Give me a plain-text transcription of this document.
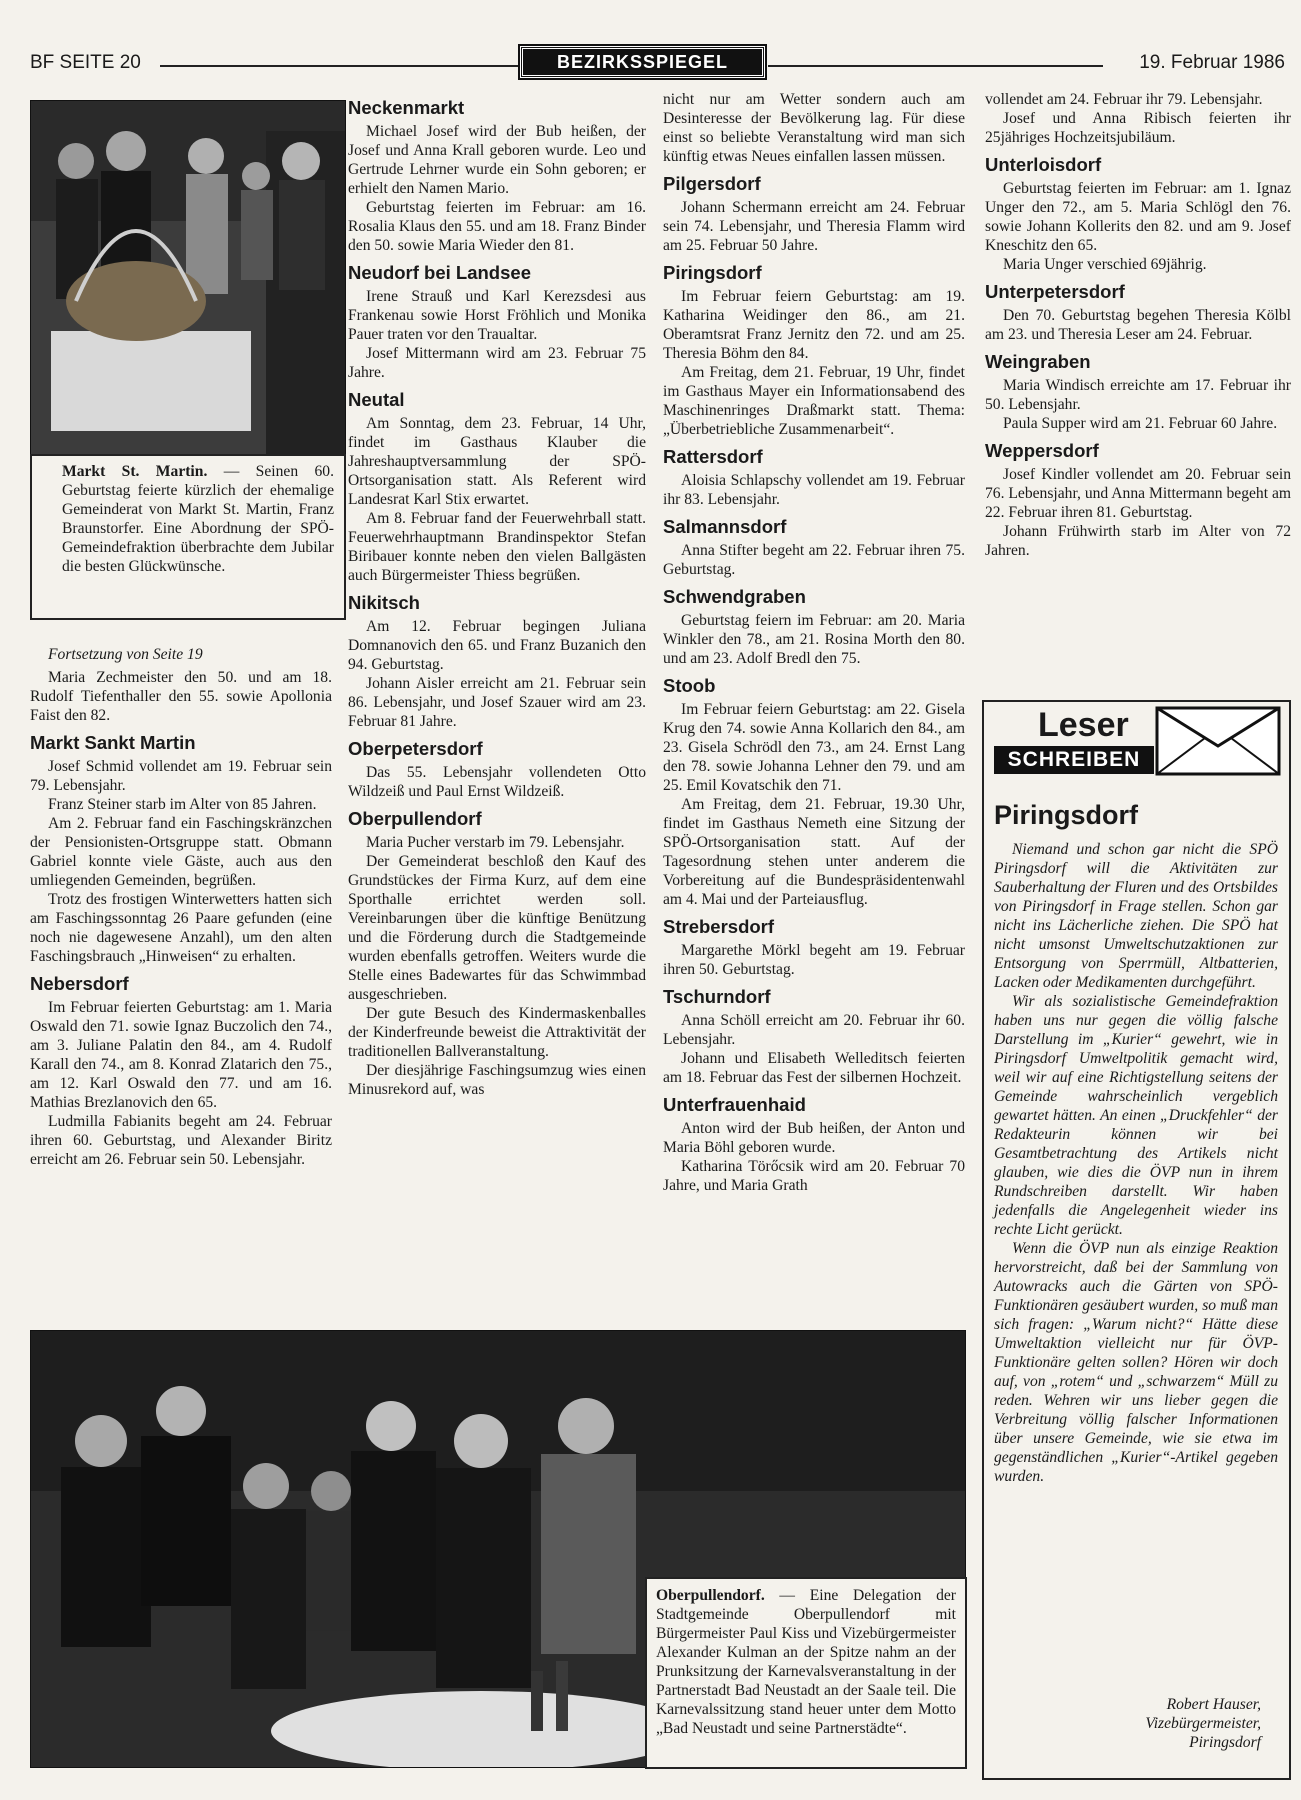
BF SEITE 20	BEZIRKSSPIEGEL	19. Februar 1986
Markt St. Martin. — Seinen 60. Geburtstag feierte kürzlich der ehemalige Gemeinderat von Markt St. Martin, Franz Braunstorfer. Eine Abordnung der SPÖ-Gemeindefraktion überbrachte dem Jubilar die besten Glückwünsche.

Fortsetzung von Seite 19

Maria Zechmeister den 50. und am 18. Rudolf Tiefenthaller den 55. sowie Apollonia Faist den 82.

Markt Sankt Martin

Josef Schmid vollendet am 19. Februar sein 79. Lebensjahr.

Franz Steiner starb im Alter von 85 Jahren.

Am 2. Februar fand ein Faschingskränzchen der Pensionisten-Ortsgruppe statt. Obmann Gabriel konnte viele Gäste, auch aus den umliegenden Gemeinden, begrüßen.

Trotz des frostigen Winterwetters hatten sich am Faschingssonntag 26 Paare gefunden (eine noch nie dagewesene Anzahl), um den alten Faschingsbrauch „Hinweisen“ zu erhalten.

Nebersdorf

Im Februar feierten Geburtstag: am 1. Maria Oswald den 71. sowie Ignaz Buczolich den 74., am 3. Juliane Palatin den 84., am 4. Rudolf Karall den 74., am 8. Konrad Zlatarich den 75., am 12. Karl Oswald den 77. und am 16. Mathias Brezlanovich den 65.

Ludmilla Fabianits begeht am 24. Februar ihren 60. Geburtstag, und Alexander Biritz erreicht am 26. Februar sein 50. Lebensjahr.

Neckenmarkt

Michael Josef wird der Bub heißen, der Josef und Anna Krall geboren wurde. Leo und Gertrude Lehrner wurde ein Sohn geboren; er erhielt den Namen Mario.

Geburtstag feierten im Februar: am 16. Rosalia Klaus den 55. und am 18. Franz Binder den 50. sowie Maria Wieder den 81.

Neudorf bei Landsee

Irene Strauß und Karl Kerezsdesi aus Frankenau sowie Horst Fröhlich und Monika Pauer traten vor den Traualtar.

Josef Mittermann wird am 23. Februar 75 Jahre.

Neutal

Am Sonntag, dem 23. Februar, 14 Uhr, findet im Gasthaus Klauber die Jahreshauptversammlung der SPÖ-Ortsorganisation statt. Als Referent wird Landesrat Karl Stix erwartet.

Am 8. Februar fand der Feuerwehrball statt. Feuerwehrhauptmann Brandinspektor Stefan Biribauer konnte neben den vielen Ballgästen auch Bürgermeister Thiess begrüßen.

Nikitsch

Am 12. Februar begingen Juliana Domnanovich den 65. und Franz Buzanich den 94. Geburtstag.

Johann Aisler erreicht am 21. Februar sein 86. Lebensjahr, und Josef Szauer wird am 23. Februar 81 Jahre.

Oberpetersdorf

Das 55. Lebensjahr vollendeten Otto Wildzeiß und Paul Ernst Wildzeiß.

Oberpullendorf

Maria Pucher verstarb im 79. Lebensjahr.

Der Gemeinderat beschloß den Kauf des Grundstückes der Firma Kurz, auf dem eine Sporthalle errichtet werden soll. Vereinbarungen über die künftige Benützung und die Förderung durch die Stadtgemeinde wurden ebenfalls getroffen. Weiters wurde die Stelle eines Badewartes für das Schwimmbad ausgeschrieben.

Der gute Besuch des Kindermaskenballes der Kinderfreunde beweist die Attraktivität der traditionellen Ballveranstaltung.

Der diesjährige Faschingsumzug wies einen Minusrekord auf, was

nicht nur am Wetter sondern auch am Desinteresse der Bevölkerung lag. Für diese einst so beliebte Veranstaltung wird man sich künftig etwas Neues einfallen lassen müssen.

Pilgersdorf

Johann Schermann erreicht am 24. Februar sein 74. Lebensjahr, und Theresia Flamm wird am 25. Februar 50 Jahre.

Piringsdorf

Im Februar feiern Geburtstag: am 19. Katharina Weidinger den 86., am 21. Oberamtsrat Franz Jernitz den 72. und am 25. Theresia Böhm den 84.

Am Freitag, dem 21. Februar, 19 Uhr, findet im Gasthaus Mayer ein Informationsabend des Maschinenringes Draßmarkt statt. Thema: „Überbetriebliche Zusammenarbeit“.

Rattersdorf

Aloisia Schlapschy vollendet am 19. Februar ihr 83. Lebensjahr.

Salmannsdorf

Anna Stifter begeht am 22. Februar ihren 75. Geburtstag.

Schwendgraben

Geburtstag feiern im Februar: am 20. Maria Winkler den 78., am 21. Rosina Morth den 80. und am 23. Adolf Bredl den 75.

Stoob

Im Februar feiern Geburtstag: am 22. Gisela Krug den 74. sowie Anna Kollarich den 84., am 23. Gisela Schrödl den 73., am 24. Ernst Lang den 78. sowie Johanna Lehner den 79. und am 25. Emil Kovatschik den 71.

Am Freitag, dem 21. Februar, 19.30 Uhr, findet im Gasthaus Nemeth eine Sitzung der SPÖ-Ortsorganisation statt. Auf der Tagesordnung stehen unter anderem die Vorbereitung auf die Bundespräsidentenwahl am 4. Mai und der Parteiausflug.

Strebersdorf

Margarethe Mörkl begeht am 19. Februar ihren 50. Geburtstag.

Tschurndorf

Anna Schöll erreicht am 20. Februar ihr 60. Lebensjahr.

Johann und Elisabeth Welleditsch feierten am 18. Februar das Fest der silbernen Hochzeit.

Unterfrauenhaid

Anton wird der Bub heißen, der Anton und Maria Böhl geboren wurde.

Katharina Törőcsik wird am 20. Februar 70 Jahre, und Maria Grath

Oberpullendorf. — Eine Delegation der Stadtgemeinde Oberpullendorf mit Bürgermeister Paul Kiss und Vizebürgermeister Alexander Kulman an der Spitze nahm an der Prunksitzung der Karnevalsveranstaltung in der Partnerstadt Bad Neustadt an der Saale teil. Die Karnevalssitzung stand heuer unter dem Motto „Bad Neustadt und seine Partnerstädte“.

vollendet am 24. Februar ihr 79. Lebensjahr.

Josef und Anna Ribisch feierten ihr 25jähriges Hochzeitsjubiläum.

Unterloisdorf

Geburtstag feierten im Februar: am 1. Ignaz Unger den 72., am 5. Maria Schlögl den 76. sowie Johann Kollerits den 82. und am 9. Josef Kneschitz den 65.

Maria Unger verschied 69jährig.

Unterpetersdorf

Den 70. Geburtstag begehen Theresia Kölbl am 23. und Theresia Leser am 24. Februar.

Weingraben

Maria Windisch erreichte am 17. Februar ihr 50. Lebensjahr.

Paula Supper wird am 21. Februar 60 Jahre.

Weppersdorf

Josef Kindler vollendet am 20. Februar sein 76. Lebensjahr, und Anna Mittermann begeht am 22. Februar ihren 81. Geburtstag.

Johann Frühwirth starb im Alter von 72 Jahren.

Leser
SCHREIBEN
Piringsdorf

Niemand und schon gar nicht die SPÖ Piringsdorf will die Aktivitäten zur Sauberhaltung der Fluren und des Ortsbildes von Piringsdorf in Frage stellen. Schon gar nicht ins Lächerliche ziehen. Die SPÖ hat nicht umsonst Umweltschutzaktionen zur Entsorgung von Sperrmüll, Altbatterien, Lacken oder Medikamenten durchgeführt.

Wir als sozialistische Gemeindefraktion haben uns nur gegen die völlig falsche Darstellung im „Kurier“ gewehrt, wie in Piringsdorf Umweltpolitik gemacht wird, weil wir auf eine Richtigstellung seitens der Gemeinde wahrscheinlich vergeblich gewartet hätten. An einen „Druckfehler“ der Redakteurin können wir bei Gesamtbetrachtung des Artikels nicht glauben, wie dies die ÖVP nun in ihrem Rundschreiben darstellt. Wir haben jedenfalls die Angelegenheit wieder ins rechte Licht gerückt.

Wenn die ÖVP nun als einzige Reaktion hervorstreicht, daß bei der Sammlung von Autowracks auch die Gärten von SPÖ-Funktionären gesäubert wurden, so muß man sich fragen: „Warum nicht?“ Hätte diese Umweltaktion vielleicht nur für ÖVP-Funktionäre gelten sollen? Hören wir doch auf, von „rotem“ und „schwarzem“ Müll zu reden. Wehren wir uns lieber gegen die Verbreitung völlig falscher Informationen über unsere Gemeinde, wie sie etwa im gegenständlichen „Kurier“-Artikel gegeben wurden.

Robert Hauser,
Vizebürgermeister,
Piringsdorf
